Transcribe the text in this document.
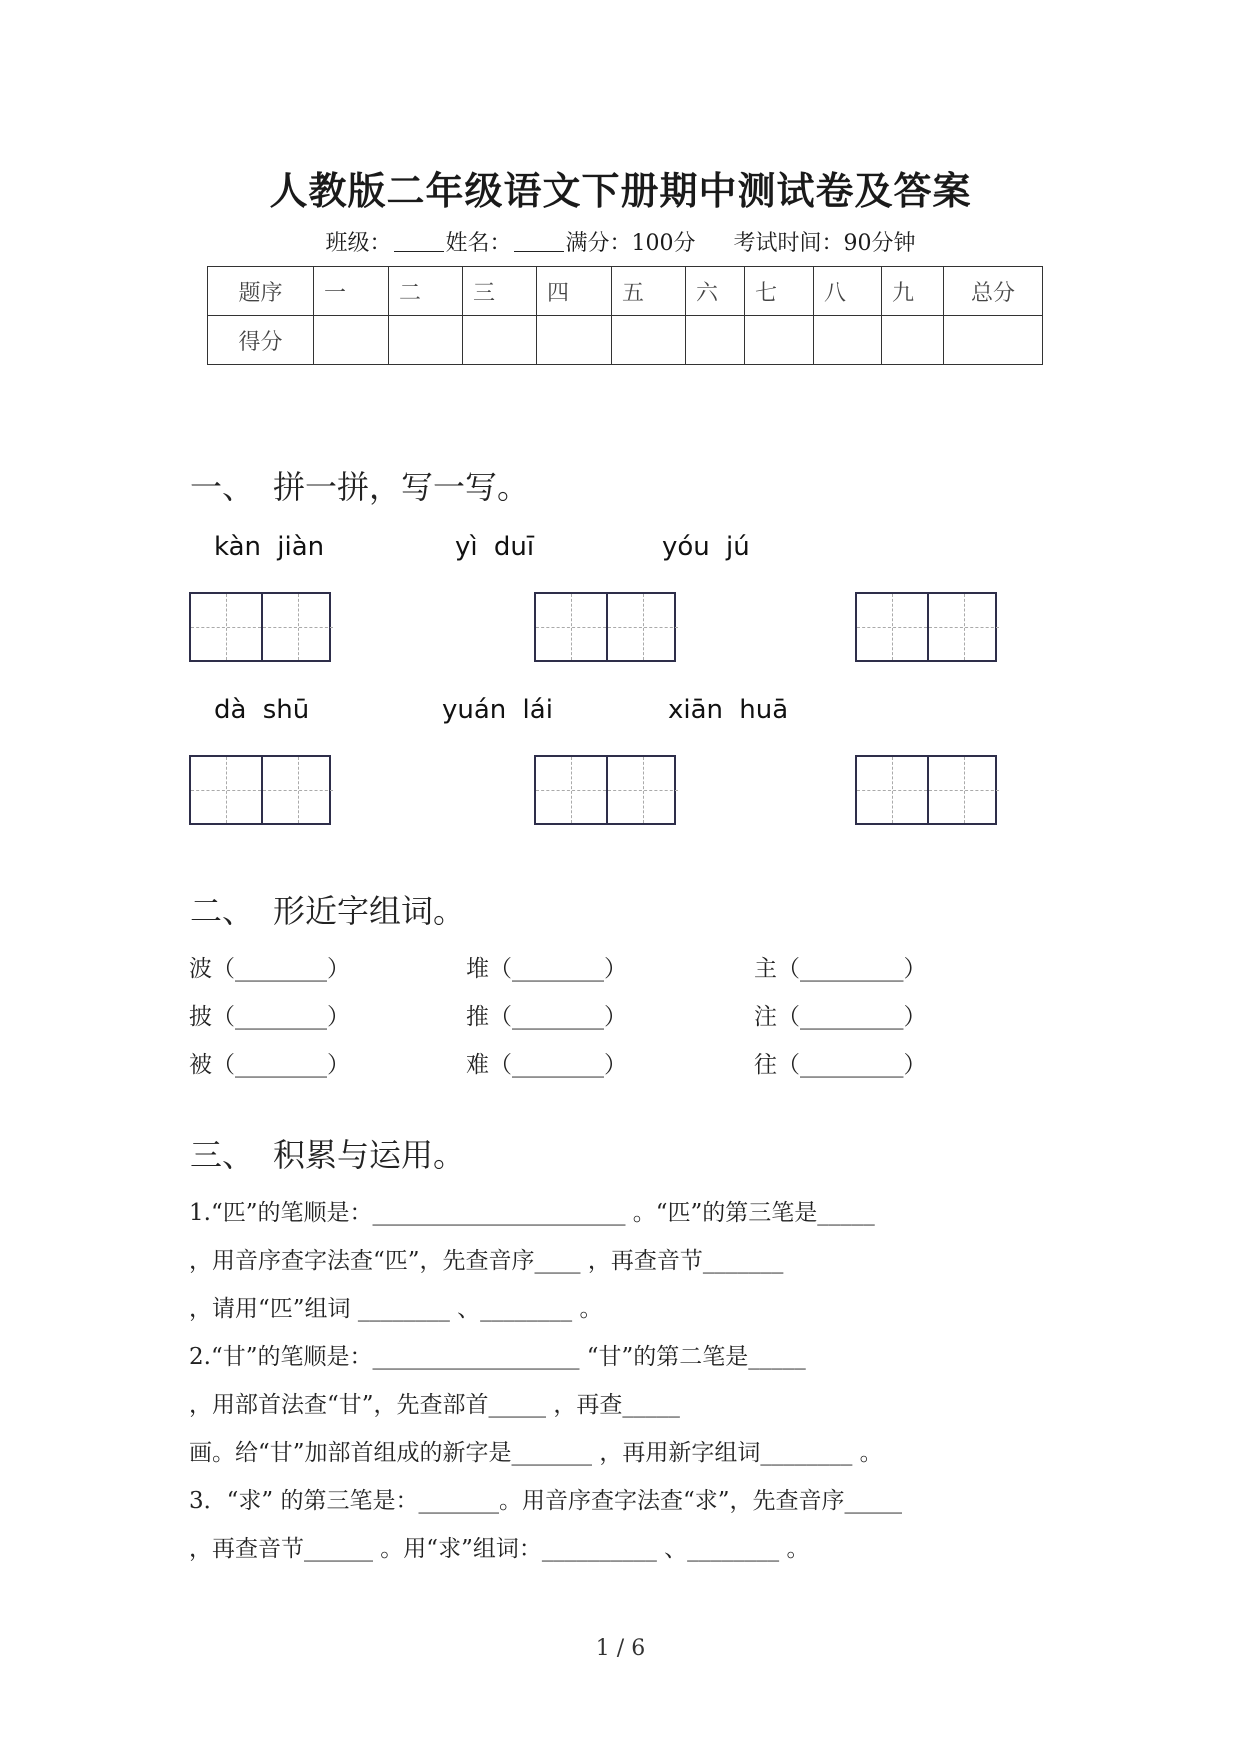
人教版二年级语文下册期中测试卷及答案
班级： 姓名： 满分：100分 考试时间：90分钟
题序	一	二	三	四	五	六	七	八	九	总分
得分										
一、 拼一拼，写一写。
kàn jiàn	yì duī	yóu jú
dà shū	yuán lái	xiān huā
二、 形近字组词。
波（________）	堆（________）	主（_________）
披（________）	推（________）	注（_________）
被（________）	难（________）	往（_________）
三、 积累与运用。
1.“匹”的笔顺是：______________________ 。“匹”的第三笔是_____
，用音序查字法查“匹”，先查音序____ ，再查音节_______
，请用“匹”组词 ________ 、________ 。
2.“甘”的笔顺是：__________________ “甘”的第二笔是_____
，用部首法查“甘”，先查部首_____ ，再查_____
画。给“甘”加部首组成的新字是_______ ，再用新字组词________ 。
3．“求” 的第三笔是：_______。用音序查字法查“求”，先查音序_____
，再查音节______ 。用“求”组词：__________ 、________ 。
1 / 6
